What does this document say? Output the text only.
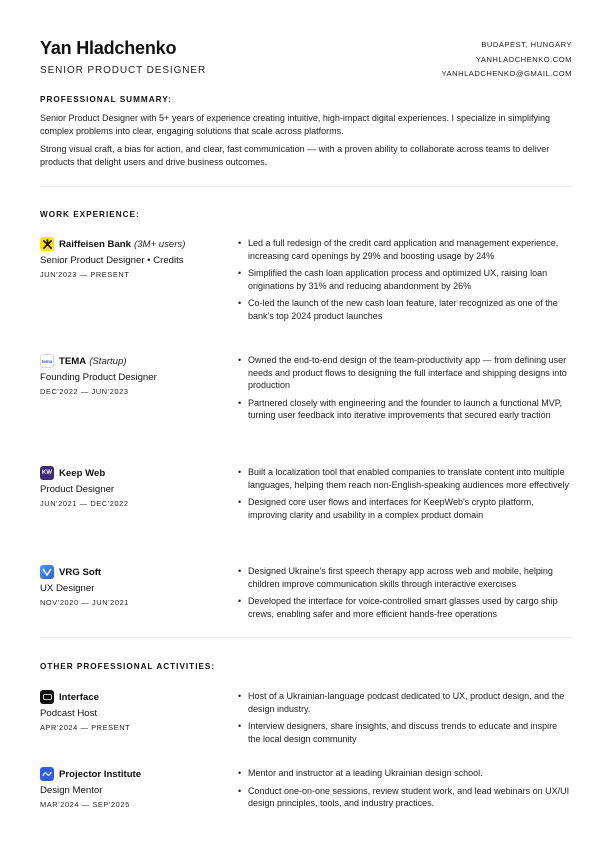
Yan Hladchenko
SENIOR PRODUCT DESIGNER
BUDAPEST, HUNGARY
YANHLADCHENKO.COM
YANHLADCHENKO@GMAIL.COM
PROFESSIONAL SUMMARY:

Senior Product Designer with 5+ years of experience creating intuitive, high-impact digital experiences. I specialize in simplifying complex problems into clear, engaging solutions that scale across platforms.

Strong visual craft, a bias for action, and clear, fast communication — with a proven ability to collaborate across teams to deliver products that delight users and drive business outcomes.

WORK EXPERIENCE:
Raiffeisen Bank (3M+ users)
Senior Product Designer • Credits
JUN'2023 — PRESENT
• Led a full redesign of the credit card application and management experience, increasing card openings by 29% and boosting usage by 24%
• Simplified the cash loan application process and optimized UX, raising loan originations by 31% and reducing abandonment by 26%
• Co-led the launch of the new cash loan feature, later recognized as one of the bank's top 2024 product launches
tema TEMA (Startup)
Founding Product Designer
DEC'2022 — JUN'2023
• Owned the end-to-end design of the team-productivity app — from defining user needs and product flows to designing the full interface and shipping designs into production
• Partnered closely with engineering and the founder to launch a functional MVP, turning user feedback into iterative improvements that secured early traction
KW Keep Web
Product Designer
JUN'2021 — DEC'2022
• Built a localization tool that enabled companies to translate content into multiple languages, helping them reach non-English-speaking audiences more effectively
• Designed core user flows and interfaces for KeepWeb's crypto platform, improving clarity and usability in a complex product domain
VRG Soft
UX Designer
NOV'2020 — JUN'2021
• Designed Ukraine's first speech therapy app across web and mobile, helping children improve communication skills through interactive exercises
• Developed the interface for voice-controlled smart glasses used by cargo ship crews, enabling safer and more efficient hands-free operations
OTHER PROFESSIONAL ACTIVITIES:
Interface
Podcast Host
APR'2024 — PRESENT
• Host of a Ukrainian-language podcast dedicated to UX, product design, and the design industry.
• Interview designers, share insights, and discuss trends to educate and inspire the local design community
Projector Institute
Design Mentor
MAR'2024 — SEP'2025
• Mentor and instructor at a leading Ukrainian design school.
• Conduct one-on-one sessions, review student work, and lead webinars on UX/UI design principles, tools, and industry practices.
